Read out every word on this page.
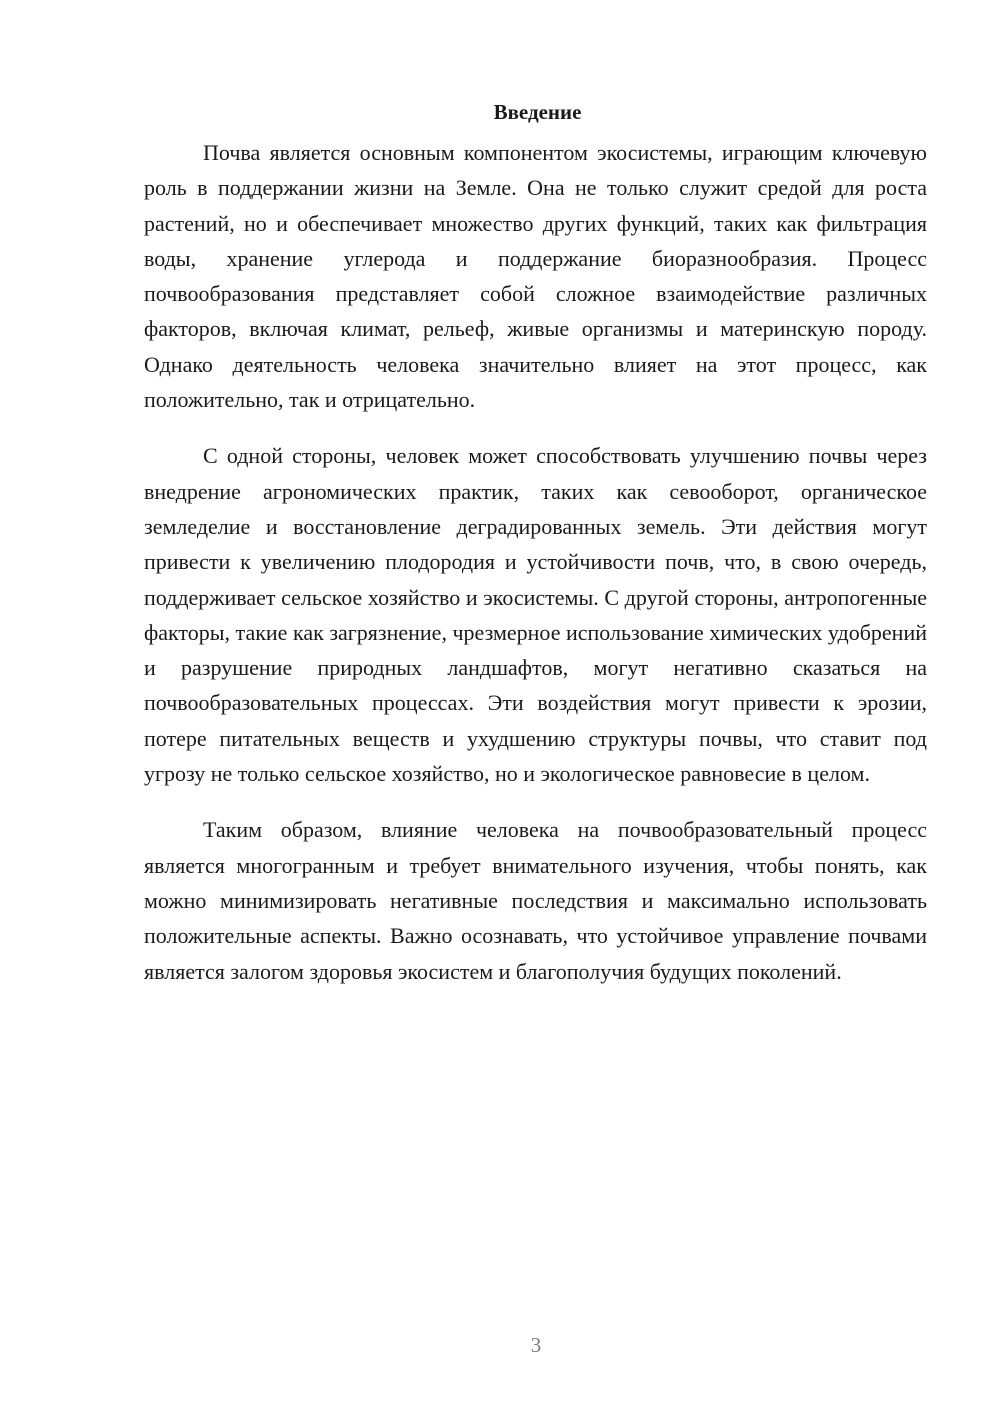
Введение

Почва является основным компонентом экосистемы, играющим ключевую роль в поддержании жизни на Земле. Она не только служит средой для роста растений, но и обеспечивает множество других функций, таких как фильтрация воды, хранение углерода и поддержание биоразнообразия. Процесс почвообразования представляет собой сложное взаимодействие различных факторов, включая климат, рельеф, живые организмы и материнскую породу. Однако деятельность человека значительно влияет на этот процесс, как положительно, так и отрицательно.

С одной стороны, человек может способствовать улучшению почвы через внедрение агрономических практик, таких как севооборот, органическое земледелие и восстановление деградированных земель. Эти действия могут привести к увеличению плодородия и устойчивости почв, что, в свою очередь, поддерживает сельское хозяйство и экосистемы. С другой стороны, антропогенные факторы, такие как загрязнение, чрезмерное использование химических удобрений и разрушение природных ландшафтов, могут негативно сказаться на почвообразовательных процессах. Эти воздействия могут привести к эрозии, потере питательных веществ и ухудшению структуры почвы, что ставит под угрозу не только сельское хозяйство, но и экологическое равновесие в целом.

Таким образом, влияние человека на почвообразовательный процесс является многогранным и требует внимательного изучения, чтобы понять, как можно минимизировать негативные последствия и максимально использовать положительные аспекты. Важно осознавать, что устойчивое управление почвами является залогом здоровья экосистем и благополучия будущих поколений.

3
